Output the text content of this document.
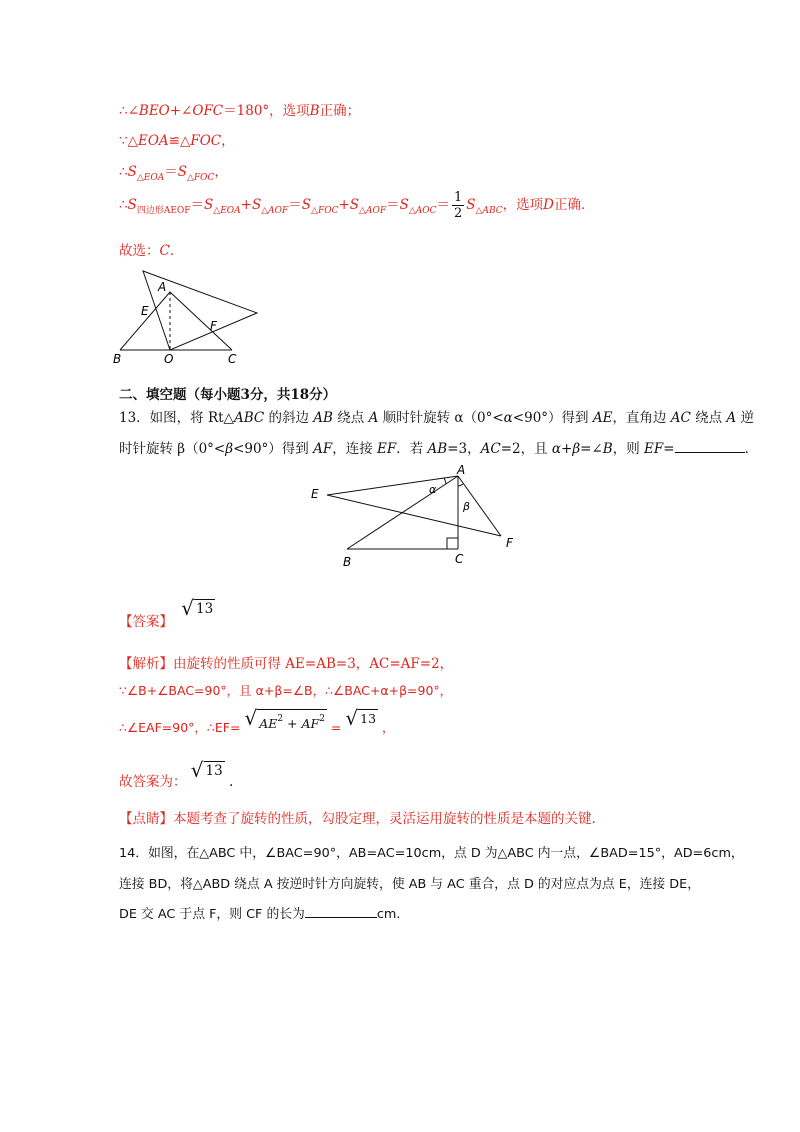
∴∠BEO+∠OFC＝180°，选项B正确；
∵△EOA≌△FOC，
$\therefore S_{\triangle EOA}=S_{\triangle FOC}$，
$\therefore S_{四边形AEOF}=S_{\triangle EOA}+S_{\triangle AOF}=S_{\triangle FOC}+S_{\triangle AOF}=S_{\triangle AOC}= \frac{1}{2} S_{\triangle ABC}$，选项D正确．
故选：C．
B	O	C
A
E
F
二、填空题（每小题3分，共18分）
13．如图，将 Rt△ABC 的斜边 AB 绕点 A 顺时针旋转 α（0°<α<90°）得到 AE，直角边 AC 绕点 A 逆
时针旋转 β（0°<β<90°）得到 AF，连接 EF．若 AB=3，AC=2，且 α+β=∠B，则 EF=	．
E
A
α
β
F
B	C
【答案】
√ 13
【解析】由旋转的性质可得 AE=AB=3，AC=AF=2，
∵∠B+∠BAC=90°，且 α+β=∠B，∴∠BAC+α+β=90°，
∴∠EAF=90°，∴EF= √ $AE^2 + AF^2$
= √ 13
，
故答案为： √ 13
.
【点睛】本题考查了旋转的性质，勾股定理，灵活运用旋转的性质是本题的关键.
14．如图，在△ABC 中，∠BAC=90°，AB=AC=10cm，点 D 为△ABC 内一点，∠BAD=15°，AD=6cm，
连接 BD，将△ABD 绕点 A 按逆时针方向旋转，使 AB 与 AC 重合，点 D 的对应点为点 E，连接 DE，
DE 交 AC 于点 F，则 CF 的长为	cm.
